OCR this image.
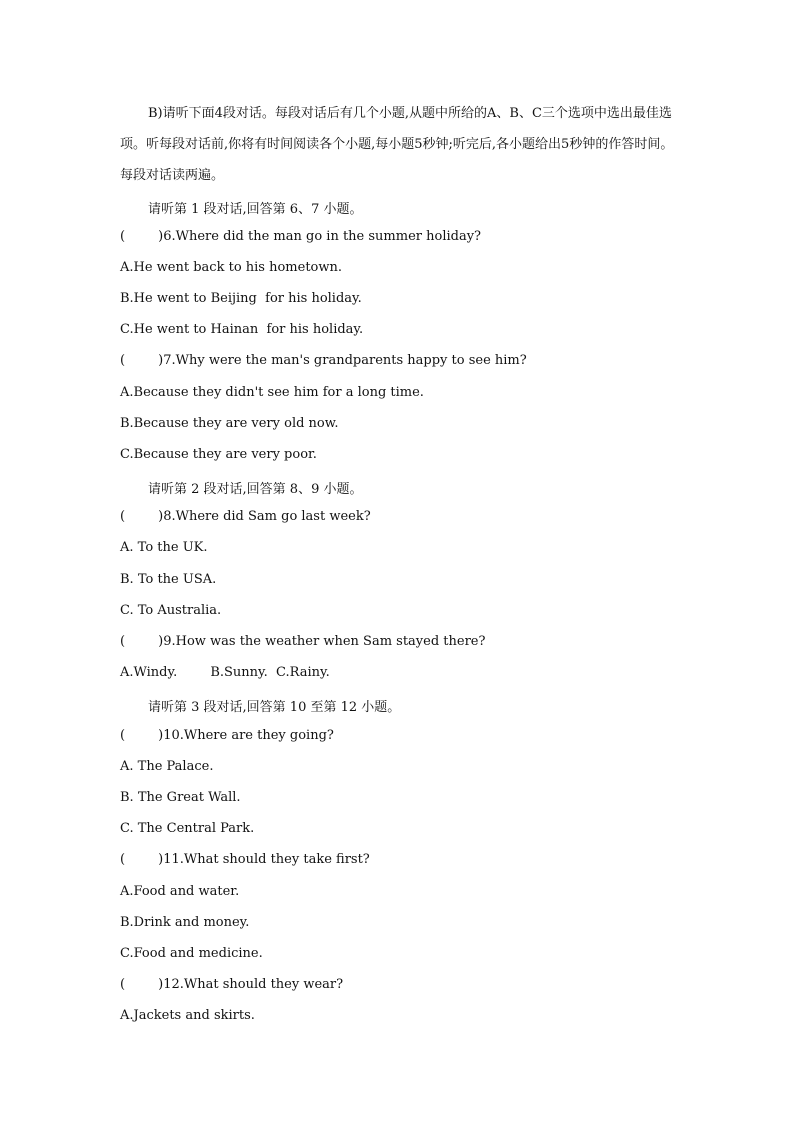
B)请听下面4段对话。每段对话后有几个小题,从题中所给的A、B、C三个选项中选出最佳选项。听每段对话前,你将有时间阅读各个小题,每小题5秒钟;听完后,各小题给出5秒钟的作答时间。每段对话读两遍。

请听第 1 段对话,回答第 6、7 小题。

(        )6.Where did the man go in the summer holiday?

A.He went back to his hometown.

B.He went to Beijing  for his holiday.

C.He went to Hainan  for his holiday.

(        )7.Why were the man's grandparents happy to see him?

A.Because they didn't see him for a long time.

B.Because they are very old now.

C.Because they are very poor.

请听第 2 段对话,回答第 8、9 小题。

(        )8.Where did Sam go last week?

A. To the UK.

B. To the USA.

C. To Australia.

(        )9.How was the weather when Sam stayed there?

A.Windy.        B.Sunny.  C.Rainy.

请听第 3 段对话,回答第 10 至第 12 小题。

(        )10.Where are they going?

A. The Palace.

B. The Great Wall.

C. The Central Park.

(        )11.What should they take first?

A.Food and water.

B.Drink and money.

C.Food and medicine.

(        )12.What should they wear?

A.Jackets and skirts.
